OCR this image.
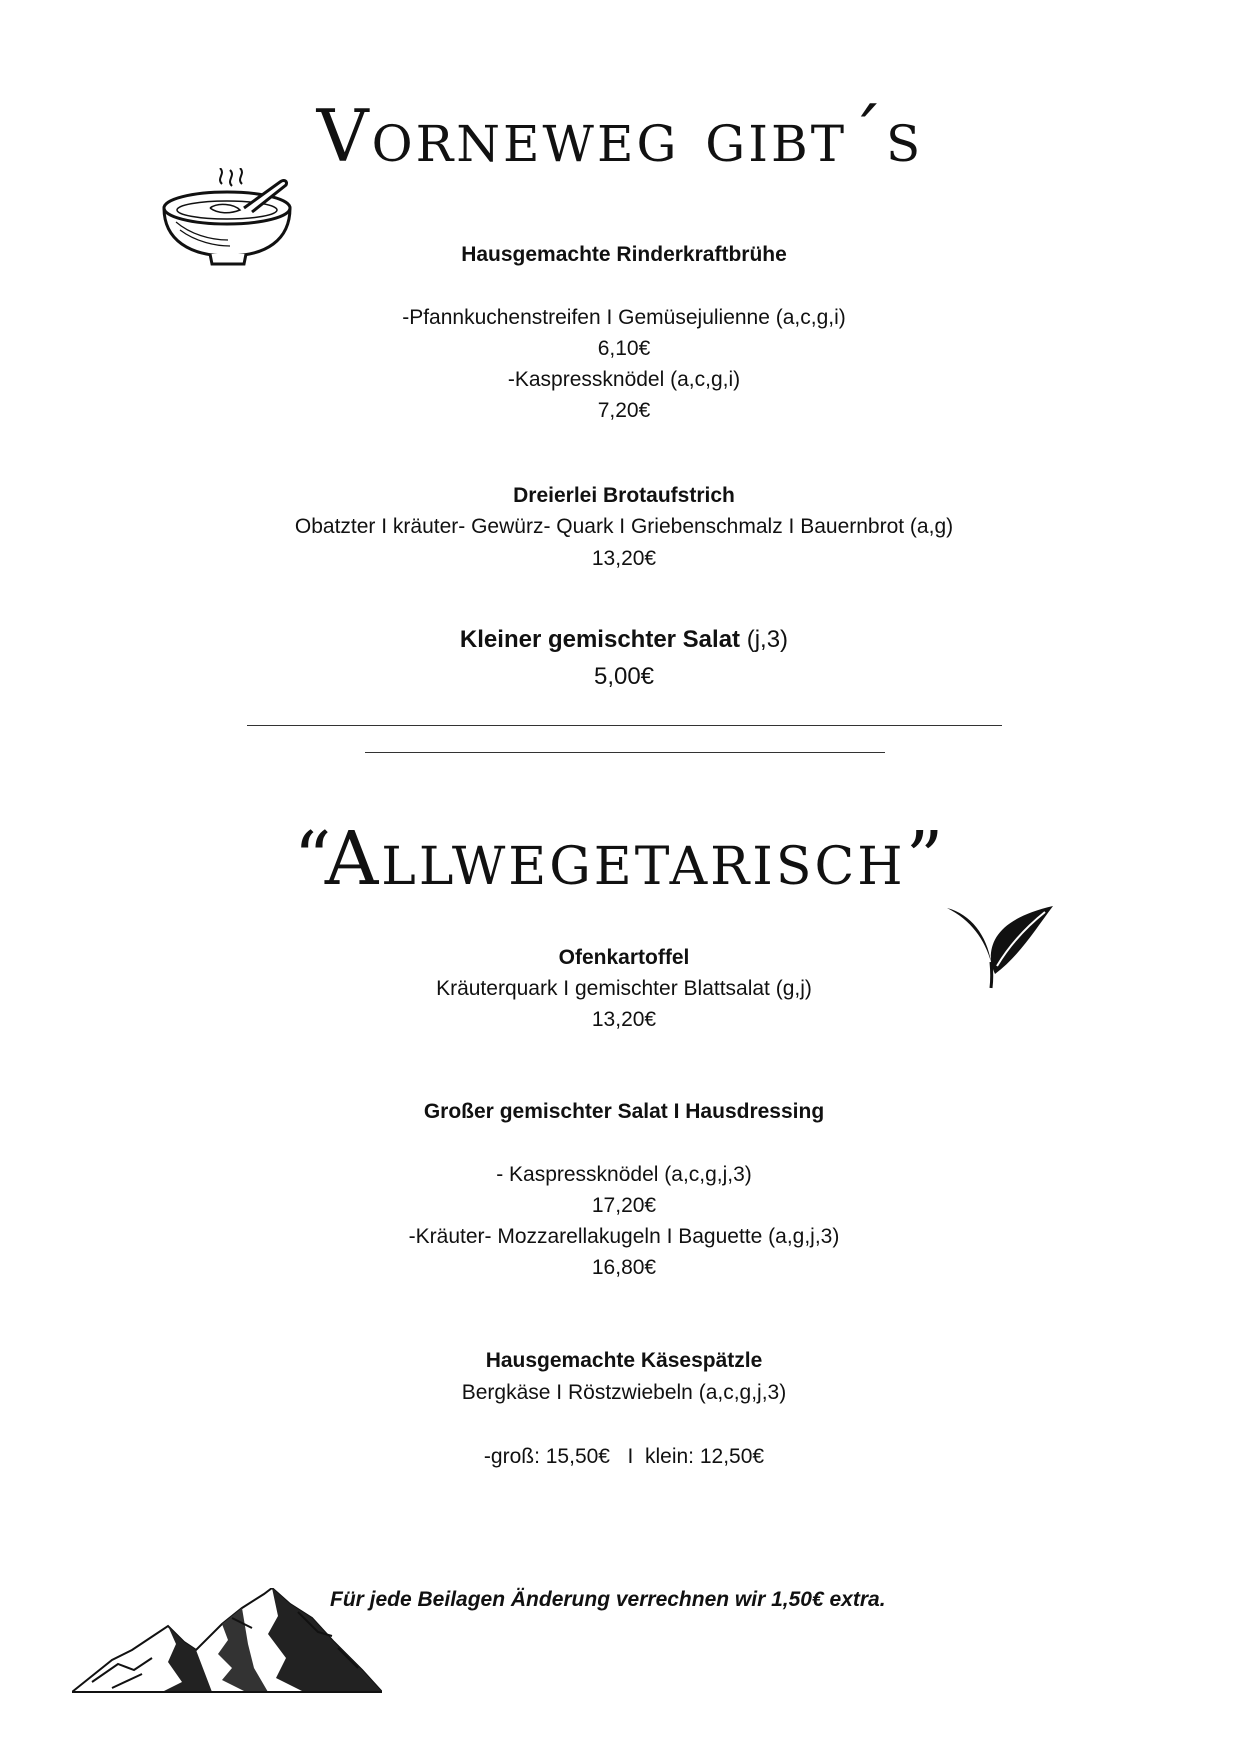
Vorneweg gibt´s
Hausgemachte Rinderkraftbrühe
-Pfannkuchenstreifen I Gemüsejulienne (a,c,g,i)
6,10€
-Kaspressknödel (a,c,g,i)
7,20€
Dreierlei Brotaufstrich
Obatzter I kräuter- Gewürz- Quark I Griebenschmalz I Bauernbrot (a,g)
13,20€
Kleiner gemischter Salat (j,3)
5,00€
“Allwegetarisch”
Ofenkartoffel
Kräuterquark I gemischter Blattsalat (g,j)
13,20€
Großer gemischter Salat I Hausdressing
- Kaspressknödel (a,c,g,j,3)
17,20€
-Kräuter- Mozzarellakugeln I Baguette (a,g,j,3)
16,80€
Hausgemachte Käsespätzle
Bergkäse I Röstzwiebeln (a,c,g,j,3)
-groß: 15,50€   I  klein: 12,50€
Für jede Beilagen Änderung verrechnen wir 1,50€ extra.
